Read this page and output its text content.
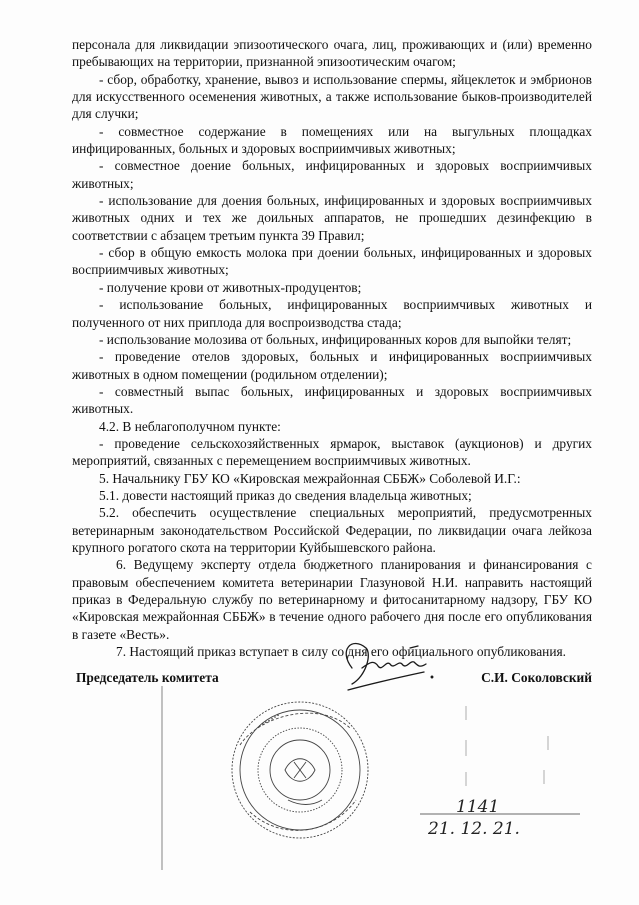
персонала для ликвидации эпизоотического очага, лиц, проживающих и (или) временно пребывающих на территории, признанной эпизоотическим очагом;

- сбор, обработку, хранение, вывоз и использование спермы, яйцеклеток и эмбрионов для искусственного осеменения животных, а также использование быков-производителей для случки;

- совместное содержание в помещениях или на выгульных площадках инфицированных, больных и здоровых восприимчивых животных;

- совместное доение больных, инфицированных и здоровых восприимчивых животных;

- использование для доения больных, инфицированных и здоровых восприимчивых животных одних и тех же доильных аппаратов, не прошедших дезинфекцию в соответствии с абзацем третьим пункта 39 Правил;

- сбор в общую емкость молока при доении больных, инфицированных и здоровых восприимчивых животных;

- получение крови от животных-продуцентов;

- использование больных, инфицированных восприимчивых животных и полученного от них приплода для воспроизводства стада;

- использование молозива от больных, инфицированных коров для выпойки телят;

- проведение отелов здоровых, больных и инфицированных восприимчивых животных в одном помещении (родильном отделении);

- совместный выпас больных, инфицированных и здоровых восприимчивых животных.

4.2. В неблагополучном пункте:

- проведение сельскохозяйственных ярмарок, выставок (аукционов) и других мероприятий, связанных с перемещением восприимчивых животных.

5. Начальнику ГБУ КО «Кировская межрайонная СББЖ» Соболевой И.Г.:

5.1. довести настоящий приказ до сведения владельца животных;

5.2. обеспечить осуществление специальных мероприятий, предусмотренных ветеринарным законодательством Российской Федерации, по ликвидации очага лейкоза крупного рогатого скота на территории Куйбышевского района.

6. Ведущему эксперту отдела бюджетного планирования и финансирования с правовым обеспечением комитета ветеринарии Глазуновой Н.И. направить настоящий приказ в Федеральную службу по ветеринарному и фитосанитарному надзору, ГБУ КО «Кировская межрайонная СББЖ» в течение одного рабочего дня после его опубликования в газете «Весть».

7. Настоящий приказ вступает в силу со дня его официального опубликования.

Председатель комитета	С.И. Соколовский
· · · · · · ·
1141
21. 12. 21.
